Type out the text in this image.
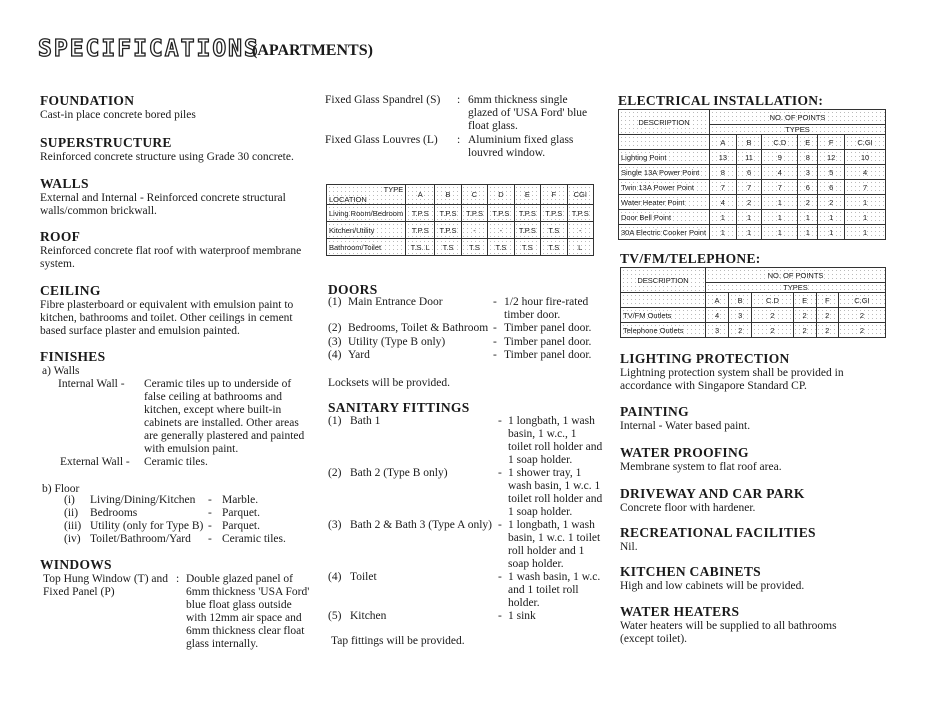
SPECIFICATIONS
(APARTMENTS)

FOUNDATION

Cast-in place concrete bored piles

SUPERSTRUCTURE

Reinforced concrete structure using Grade 30 concrete.

WALLS

External and Internal - Reinforced concrete structural walls/common brickwall.

ROOF

Reinforced concrete flat roof with waterproof membrane system.

CEILING

Fibre plasterboard or equivalent with emulsion paint to kitchen, bathrooms and toilet. Other ceilings in cement based surface plaster and emulsion painted.

FINISHES

a) Walls
Internal Wall - Ceramic tiles up to underside of false ceiling at bathrooms and kitchen, except where built-in cabinets are installed. Other areas are generally plastered and painted with emulsion paint.
External Wall - Ceramic tiles.
b) Floor
(i) Living/Dining/Kitchen - Marble.
(ii) Bedrooms	- Parquet.
(iii) Utility (only for Type B) - Parquet.
(iv) Toilet/Bathroom/Yard - Ceramic tiles.

WINDOWS

Top Hung Window (T) and Fixed Panel (P)
: Double glazed panel of 6mm thickness 'USA Ford' blue float glass outside with 12mm air space and 6mm thickness clear float glass internally.
Fixed Glass Spandrel (S) : 6mm thickness single glazed of 'USA Ford' blue float glass.
Fixed Glass Louvres (L) : Aluminium fixed glass louvred window.
TYPE
LOCATION	A	B	C	D	E	F	CGI
Living Room/Bedroom	T.P.S	T.P.S	T.P.S	T.P.S	T.P.S	T.P.S	T.P.S
Kitchen/Utility	T.P.S	T.P.S	-	-	T.P.S	T.S	-
Bathroom/Toilet	T.S. L	T.S	T.S	T.S	T.S	T.S	L

DOORS

(1) Main Entrance Door	- 1/2 hour fire-rated timber door.
(2) Bedrooms, Toilet & Bathroom - Timber panel door.
(3) Utility (Type B only)	- Timber panel door.
(4) Yard	- Timber panel door.
Locksets will be provided.

SANITARY FITTINGS

(1) Bath 1	- 1 longbath, 1 wash basin, 1 w.c., 1 toilet roll holder and 1 soap holder.
(2) Bath 2 (Type B only)	- 1 shower tray, 1 wash basin, 1 w.c. 1 toilet roll holder and 1 soap holder.
(3) Bath 2 & Bath 3 (Type A only) - 1 longbath, 1 wash basin, 1 w.c. 1 toilet roll holder and 1 soap holder.
(4) Toilet	- 1 wash basin, 1 w.c. and 1 toilet roll holder.
(5) Kitchen	- 1 sink
Tap fittings will be provided.

ELECTRICAL INSTALLATION:

DESCRIPTION	NO. OF POINTS					
	TYPES					
	A	B	C.D	E	F	C.GI
Lighting Point	13	11	9	8	12	10
Single 13A Power Point	8	6	4	3	5	4
Twin 13A Power Point	7	7	7	6	6	7
Water Heater Point	4	2	1	2	2	1
Door Bell Point	1	1	1	1	1	1
30A Electric Cooker Point	1	1	1	1	1	1

TV/FM/TELEPHONE:

DESCRIPTION	NO. OF POINTS					
	TYPES					
	A	B	C.D	E	F	C.GI
TV/FM Outlets	4	3	2	2	2	2
Telephone Outlets	3	2	2	2	2	2

LIGHTING PROTECTION

Lightning protection system shall be provided in accordance with Singapore Standard CP.

PAINTING

Internal - Water based paint.

WATER PROOFING

Membrane system to flat roof area.

DRIVEWAY AND CAR PARK

Concrete floor with hardener.

RECREATIONAL FACILITIES

Nil.

KITCHEN CABINETS

High and low cabinets will be provided.

WATER HEATERS

Water heaters will be supplied to all bathrooms (except toilet).
